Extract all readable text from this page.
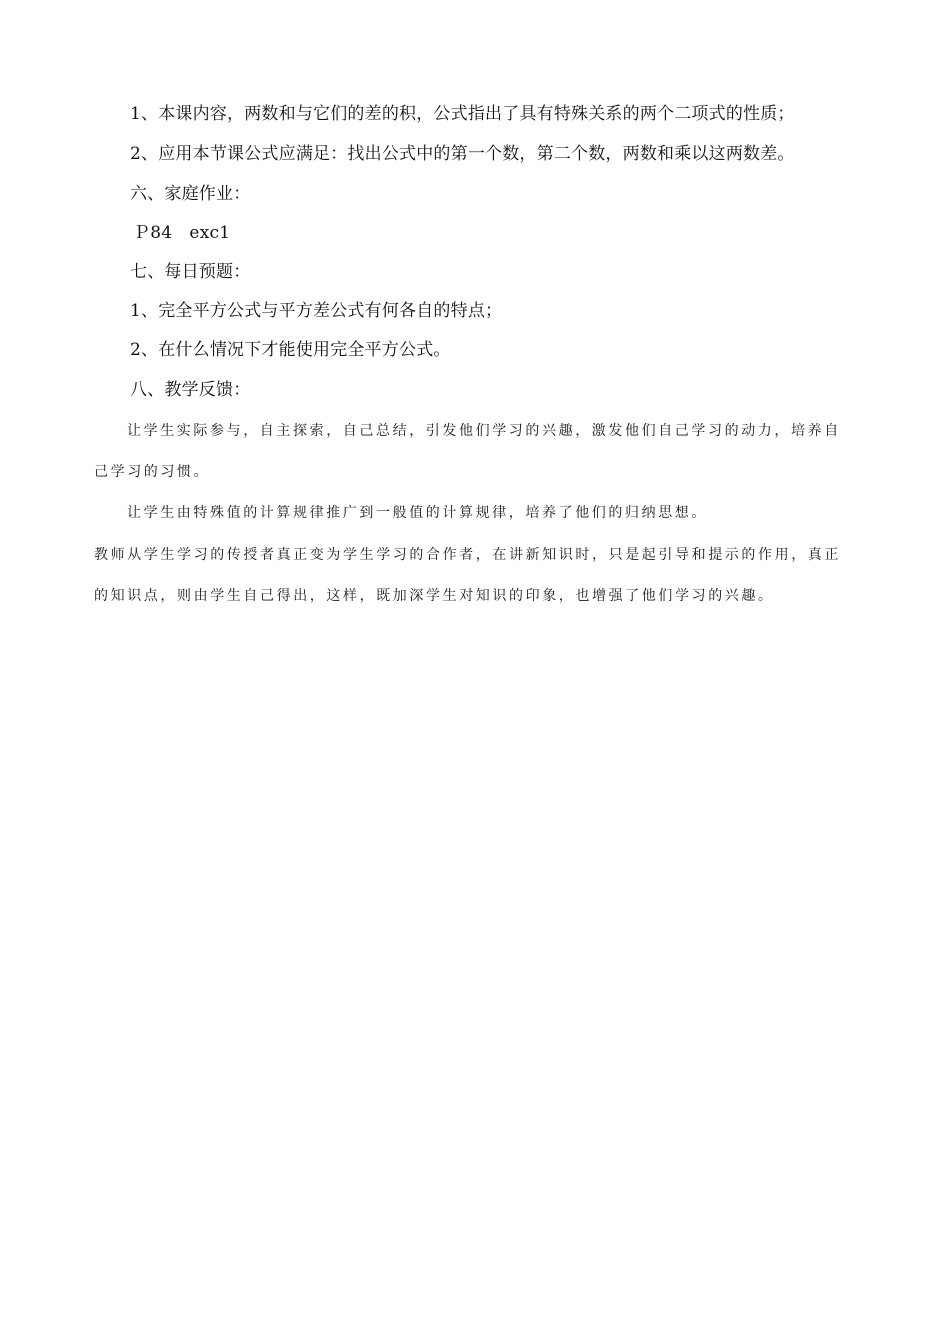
1、本课内容，两数和与它们的差的积，公式指出了具有特殊关系的两个二项式的性质；
2、应用本节课公式应满足：找出公式中的第一个数，第二个数，两数和乘以这两数差。
六、家庭作业：
Ｐ84　exc1
七、每日预题：
1、完全平方公式与平方差公式有何各自的特点；
2、在什么情况下才能使用完全平方公式。
八、教学反馈：
让学生实际参与，自主探索，自己总结，引发他们学习的兴趣，激发他们自己学习的动力，培养自
己学习的习惯。
让学生由特殊值的计算规律推广到一般值的计算规律，培养了他们的归纳思想。
教师从学生学习的传授者真正变为学生学习的合作者，在讲新知识时，只是起引导和提示的作用，真正
的知识点，则由学生自己得出，这样，既加深学生对知识的印象，也增强了他们学习的兴趣。
